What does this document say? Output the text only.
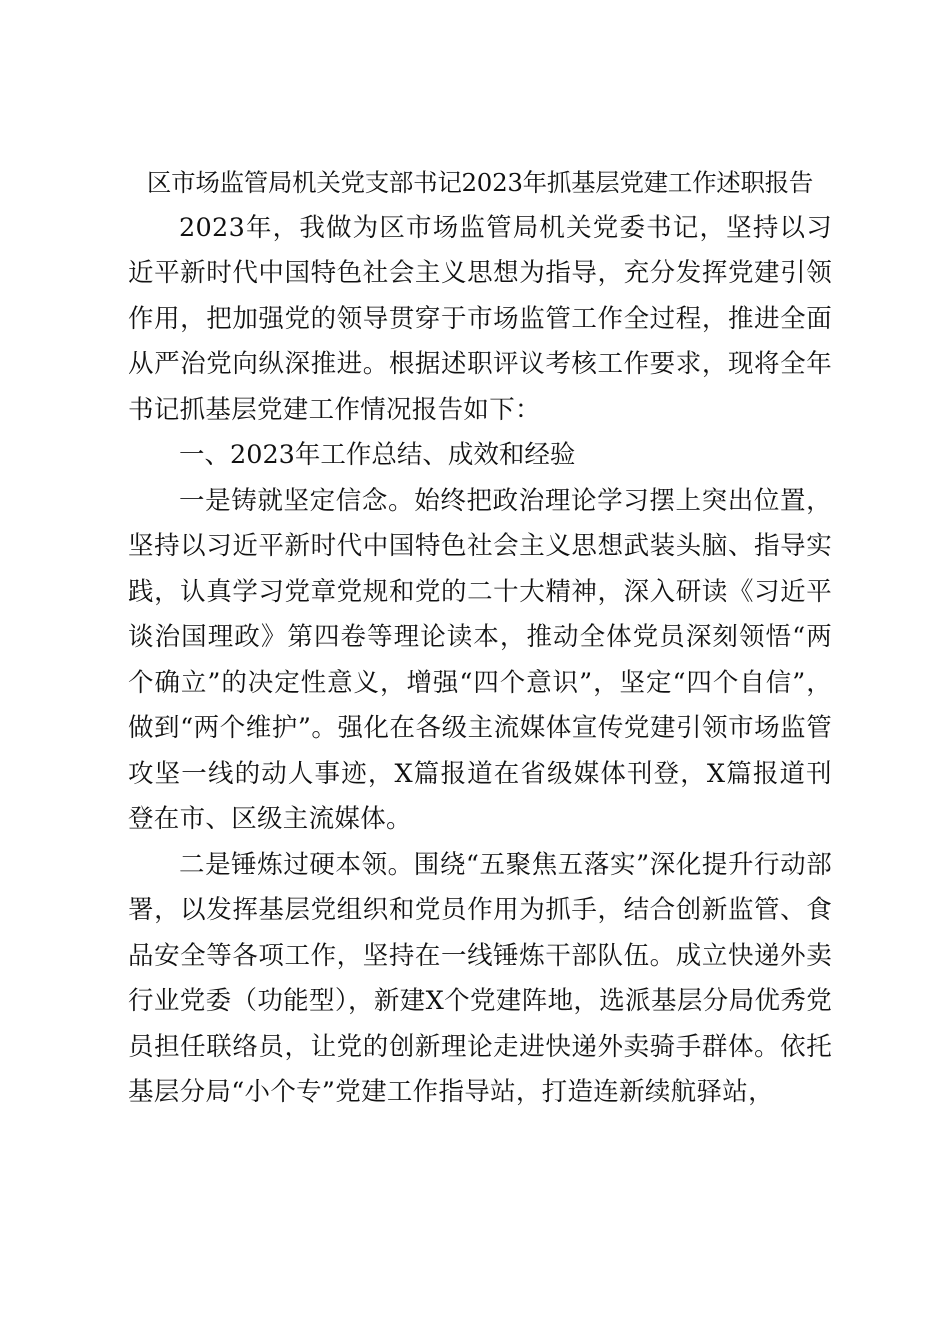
区市场监管局机关党支部书记2023年抓基层党建工作述职报告

2023年，我做为区市场监管局机关党委书记，坚持以习近平新时代中国特色社会主义思想为指导，充分发挥党建引领作用，把加强党的领导贯穿于市场监管工作全过程，推进全面从严治党向纵深推进。根据述职评议考核工作要求，现将全年书记抓基层党建工作情况报告如下：

一、2023年工作总结、成效和经验

一是铸就坚定信念。始终把政治理论学习摆上突出位置，坚持以习近平新时代中国特色社会主义思想武装头脑、指导实践，认真学习党章党规和党的二十大精神，深入研读《习近平谈治国理政》第四卷等理论读本，推动全体党员深刻领悟“两个确立”的决定性意义，增强“四个意识”，坚定“四个自信”，做到“两个维护”。强化在各级主流媒体宣传党建引领市场监管攻坚一线的动人事迹，X篇报道在省级媒体刊登，X篇报道刊登在市、区级主流媒体。

二是锤炼过硬本领。围绕“五聚焦五落实”深化提升行动部署，以发挥基层党组织和党员作用为抓手，结合创新监管、食品安全等各项工作，坚持在一线锤炼干部队伍。成立快递外卖行业党委（功能型），新建X个党建阵地，选派基层分局优秀党员担任联络员，让党的创新理论走进快递外卖骑手群体。依托基层分局“小个专”党建工作指导站，打造连新续航驿站，
